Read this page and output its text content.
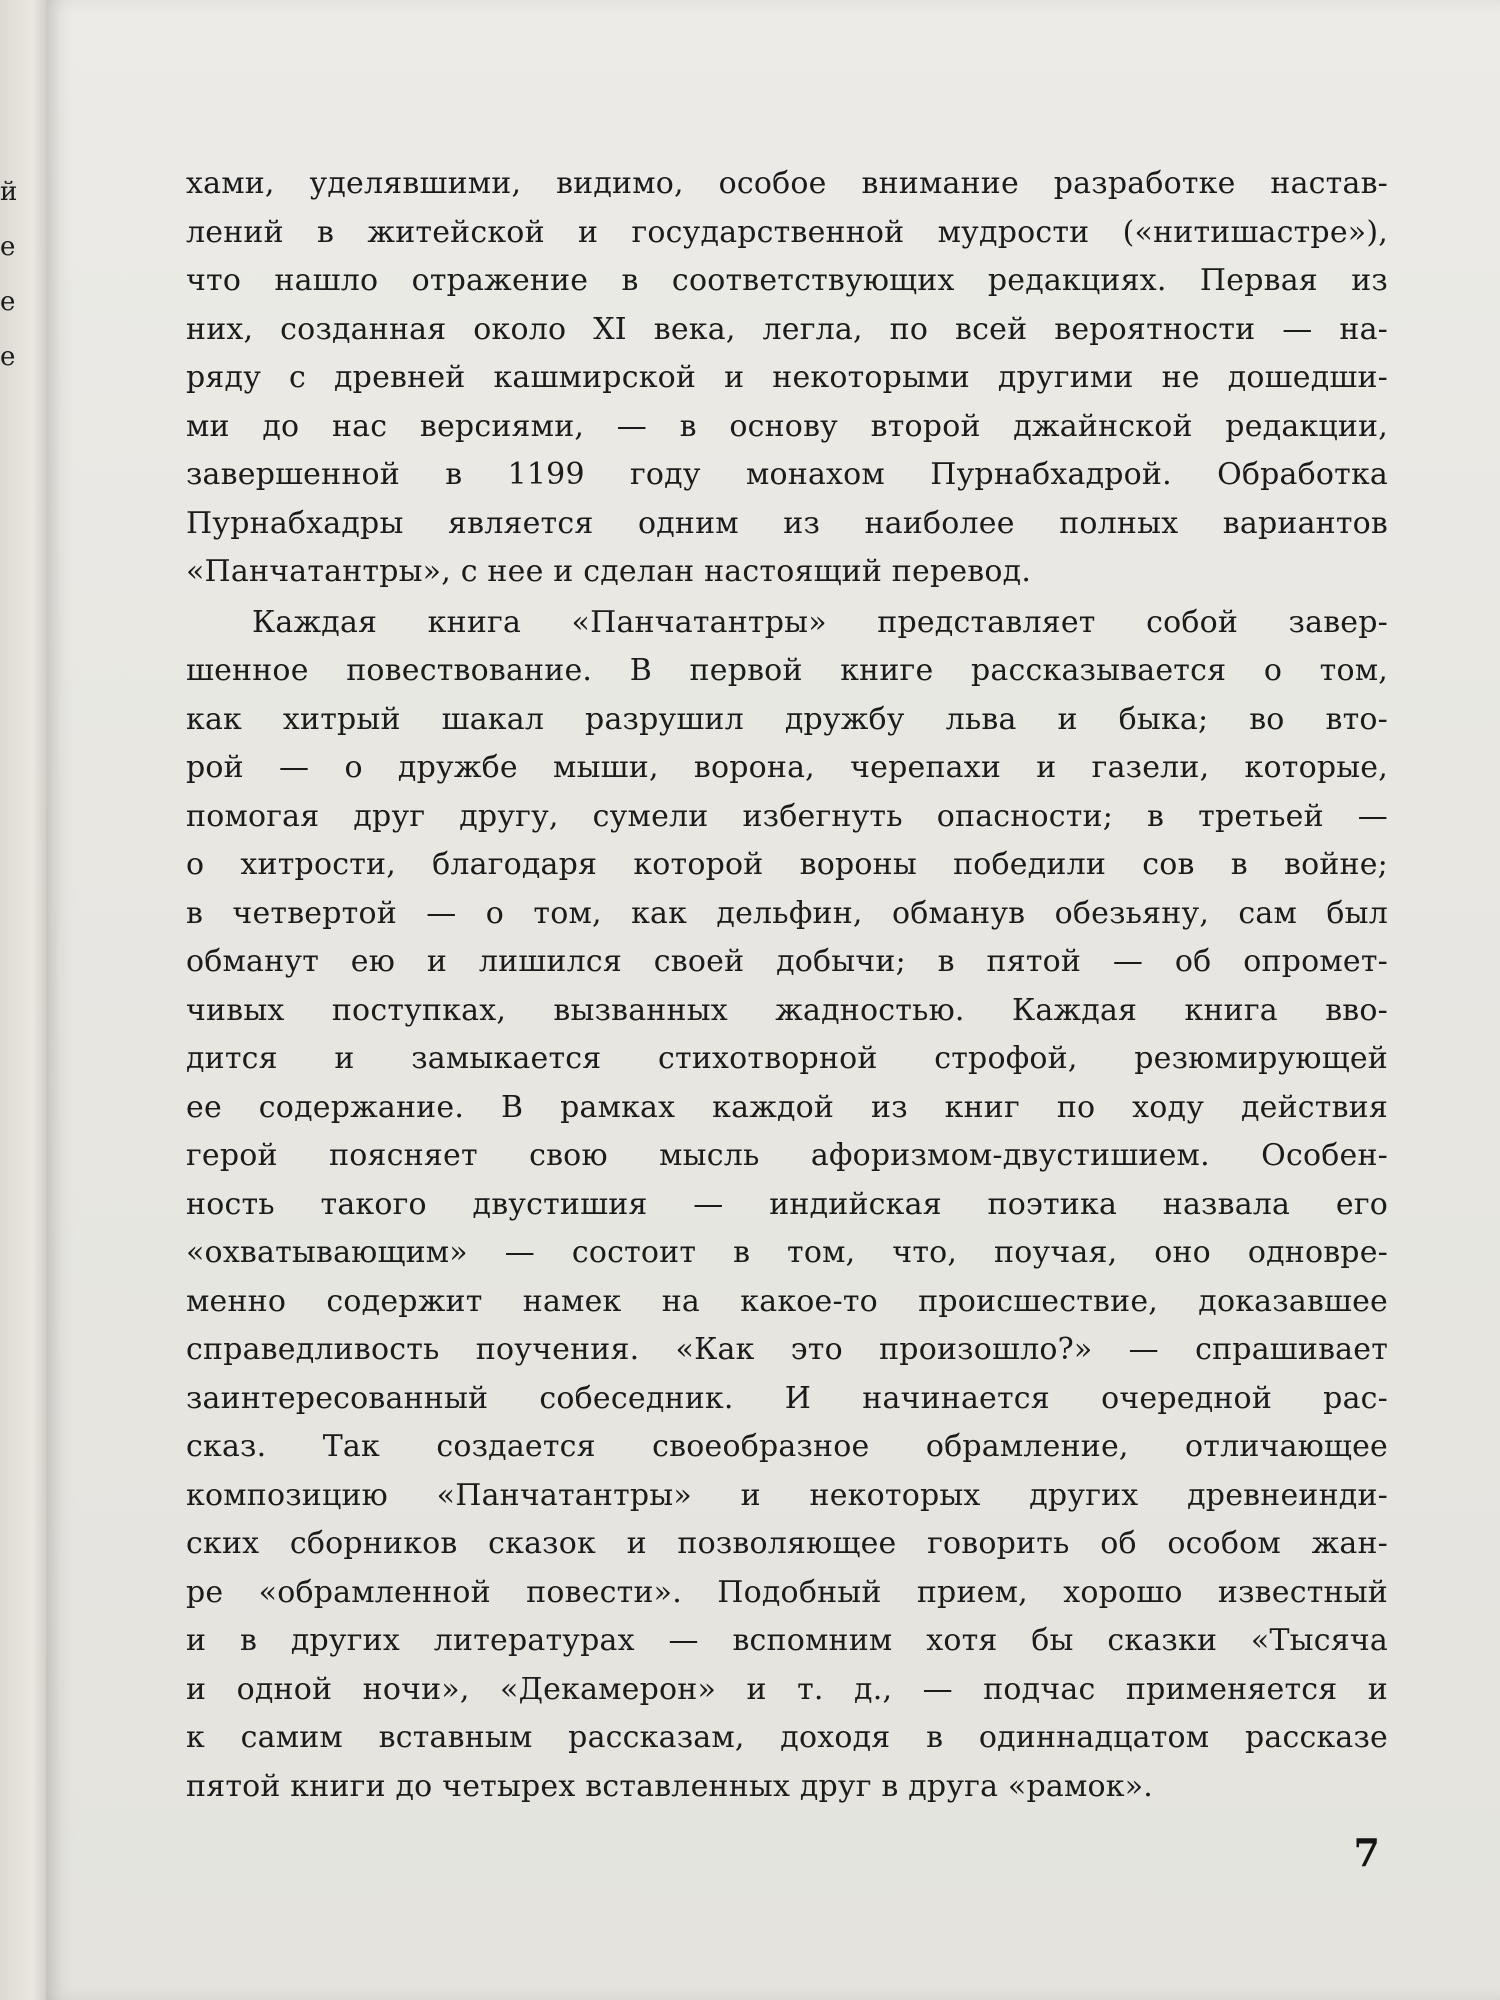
й
е
е
е
хами, уделявшими, видимо, особое внимание разработке настав-
лений в житейской и государственной мудрости («нитишастре»),
что нашло отражение в соответствующих редакциях. Первая из
них, созданная около XI века, легла, по всей вероятности — на-
ряду с древней кашмирской и некоторыми другими не дошедши-
ми до нас версиями, — в основу второй джайнской редакции,
завершенной в 1199 году монахом Пурнабхадрой. Обработка
Пурнабхадры является одним из наиболее полных вариантов
«Панчатантры», с нее и сделан настоящий перевод.
Каждая книга «Панчатантры» представляет собой завер-
шенное повествование. В первой книге рассказывается о том,
как хитрый шакал разрушил дружбу льва и быка; во вто-
рой — о дружбе мыши, ворона, черепахи и газели, которые,
помогая друг другу, сумели избегнуть опасности; в третьей —
о хитрости, благодаря которой вороны победили сов в войне;
в четвертой — о том, как дельфин, обманув обезьяну, сам был
обманут ею и лишился своей добычи; в пятой — об опромет-
чивых поступках, вызванных жадностью. Каждая книга вво-
дится и замыкается стихотворной строфой, резюмирующей
ее содержание. В рамках каждой из книг по ходу действия
герой поясняет свою мысль афоризмом-двустишием. Особен-
ность такого двустишия — индийская поэтика назвала его
«охватывающим» — состоит в том, что, поучая, оно одновре-
менно содержит намек на какое-то происшествие, доказавшее
справедливость поучения. «Как это произошло?» — спрашивает
заинтересованный собеседник. И начинается очередной рас-
сказ. Так создается своеобразное обрамление, отличающее
композицию «Панчатантры» и некоторых других древнеинди-
ских сборников сказок и позволяющее говорить об особом жан-
ре «обрамленной повести». Подобный прием, хорошо известный
и в других литературах — вспомним хотя бы сказки «Тысяча
и одной ночи», «Декамерон» и т. д., — подчас применяется и
к самим вставным рассказам, доходя в одиннадцатом рассказе
пятой книги до четырех вставленных друг в друга «рамок».
7
